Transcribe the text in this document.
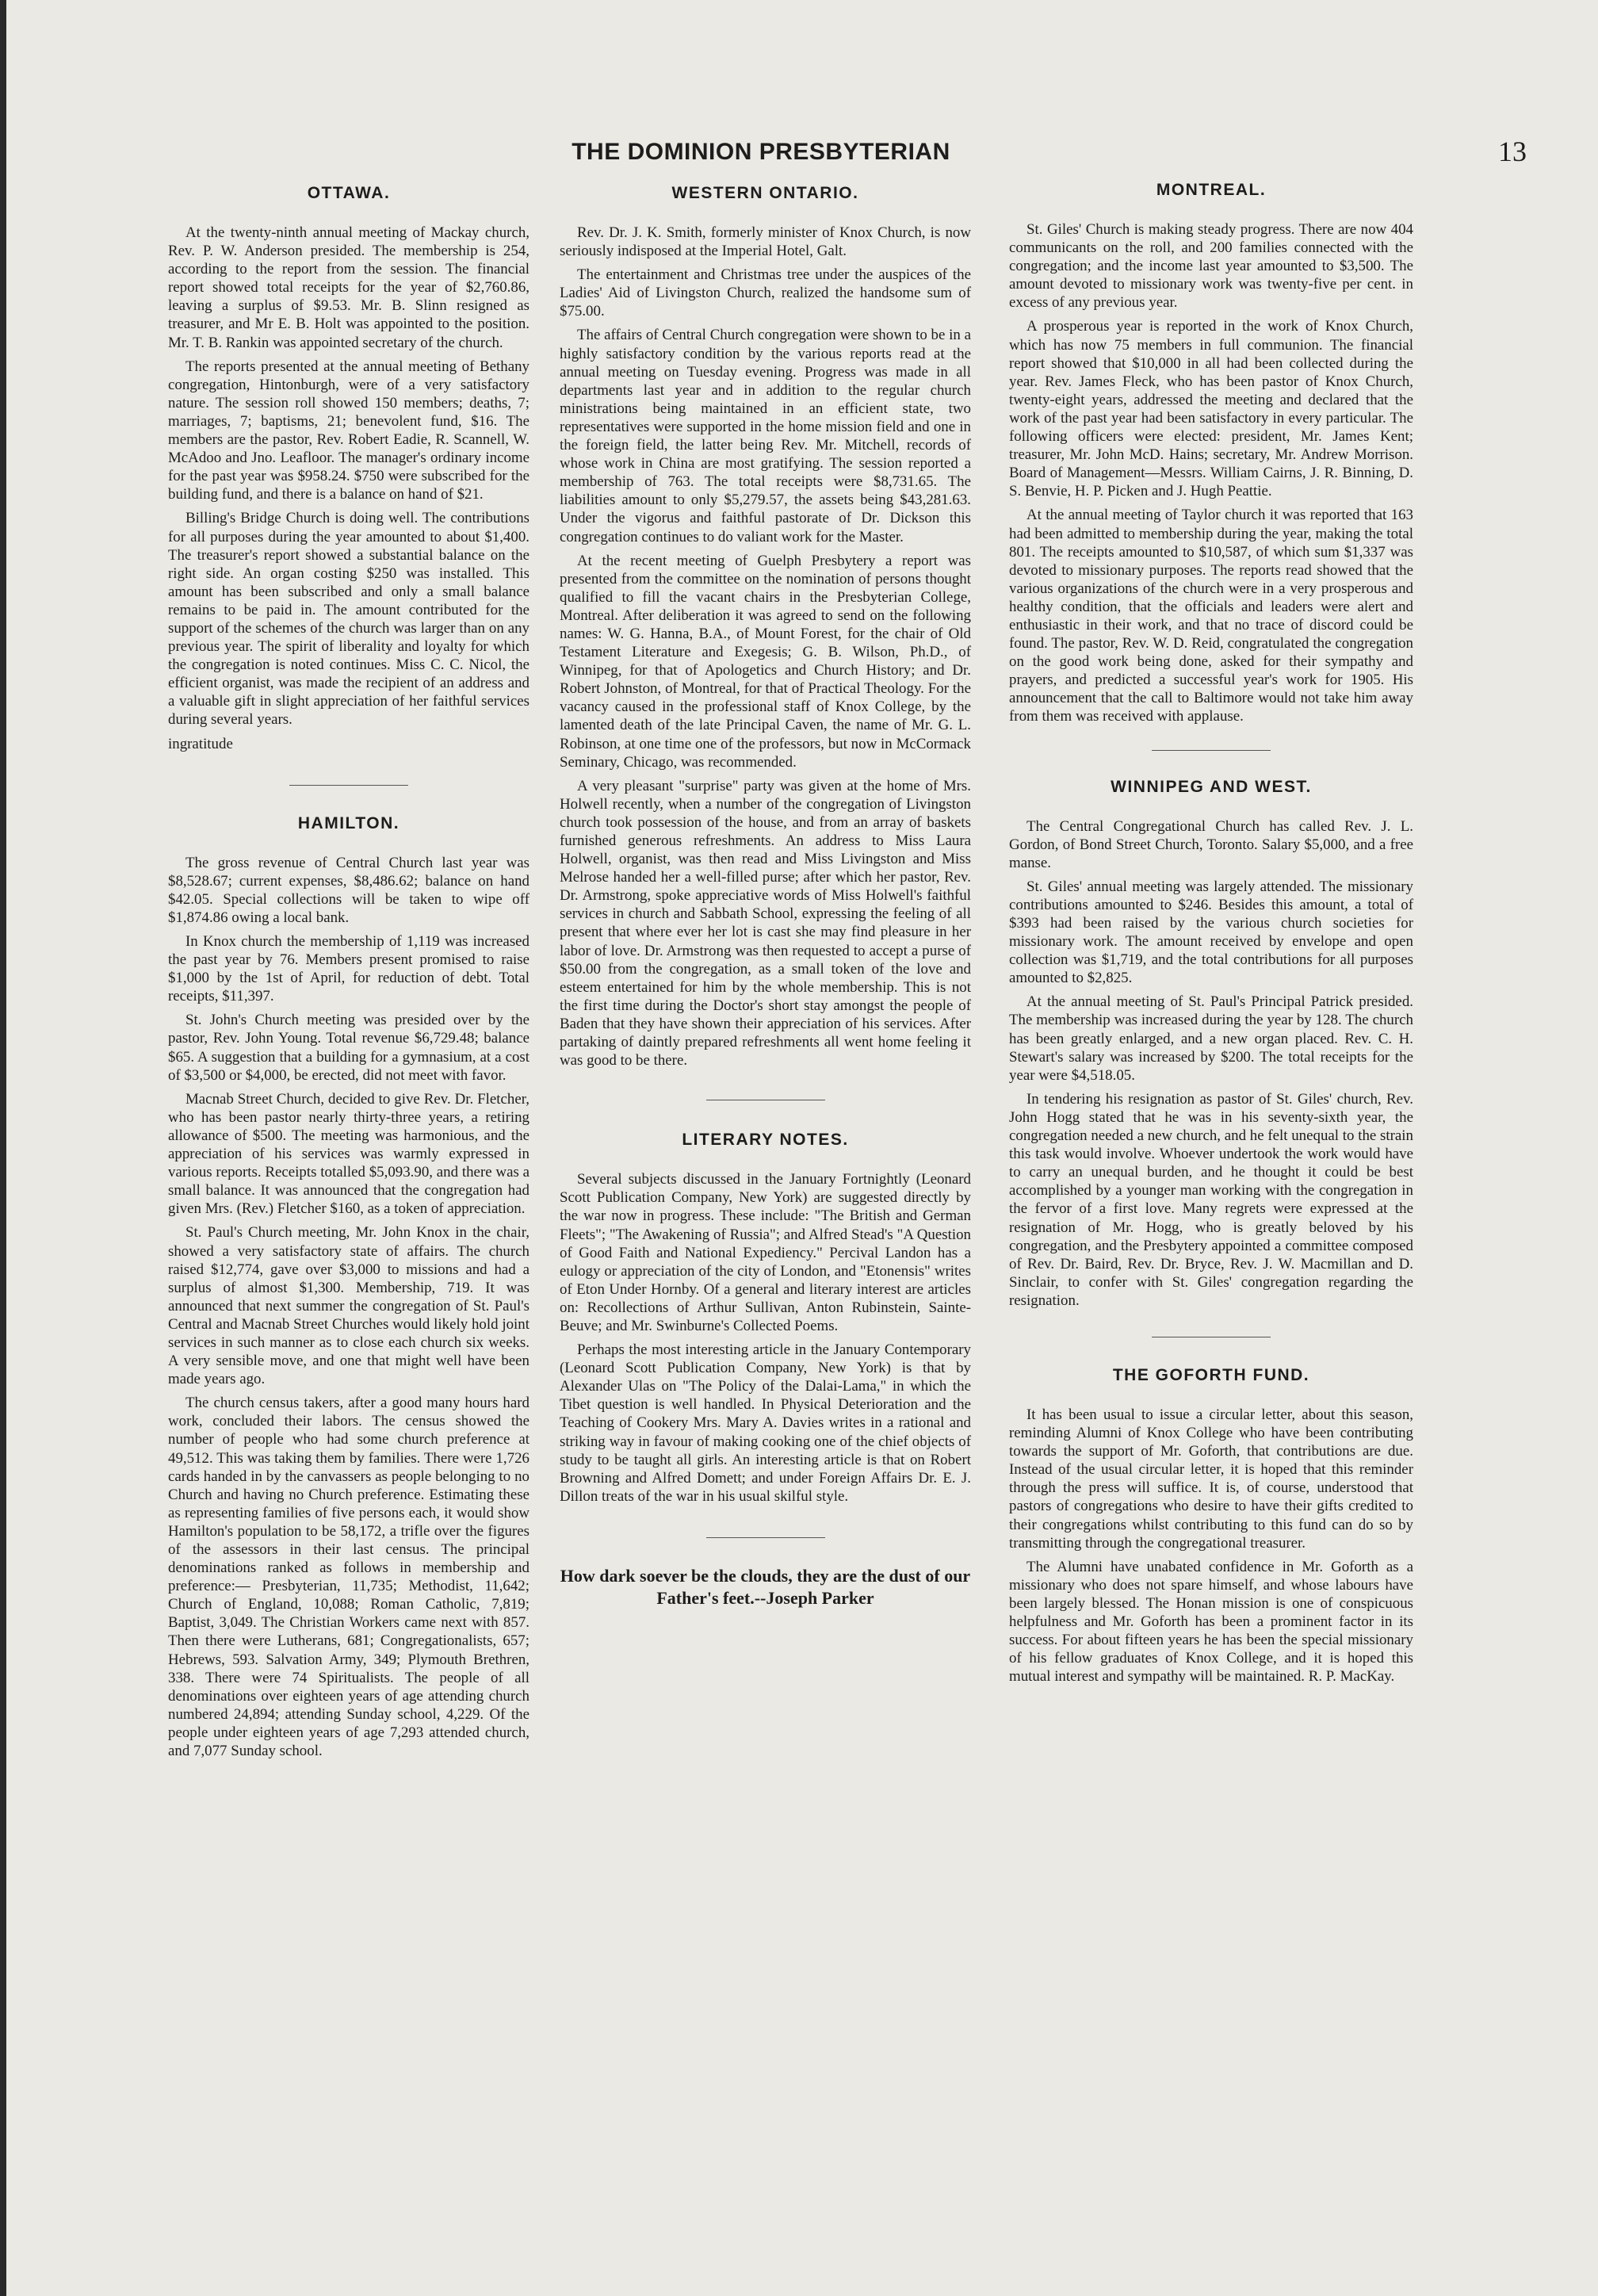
THE DOMINION PRESBYTERIAN	13
OTTAWA.

At the twenty-ninth annual meeting of Mackay church, Rev. P. W. Anderson presided. The membership is 254, according to the report from the session. The financial report showed total receipts for the year of $2,760.86, leaving a surplus of $9.53. Mr. B. Slinn resigned as treasurer, and Mr E. B. Holt was appointed to the position. Mr. T. B. Rankin was appointed secretary of the church.

The reports presented at the annual meeting of Bethany congregation, Hintonburgh, were of a very satisfactory nature. The session roll showed 150 members; deaths, 7; marriages, 7; baptisms, 21; benevolent fund, $16. The members are the pastor, Rev. Robert Eadie, R. Scannell, W. McAdoo and Jno. Leafloor. The manager's ordinary income for the past year was $958.24. $750 were subscribed for the building fund, and there is a balance on hand of $21.

Billing's Bridge Church is doing well. The contributions for all purposes during the year amounted to about $1,400. The treasurer's report showed a substantial balance on the right side. An organ costing $250 was installed. This amount has been subscribed and only a small balance remains to be paid in. The amount contributed for the support of the schemes of the church was larger than on any previous year. The spirit of liberality and loyalty for which the congregation is noted continues. Miss C. C. Nicol, the efficient organist, was made the recipient of an address and a valuable gift in slight appreciation of her faithful services during several years.

ingratitude

HAMILTON.

The gross revenue of Central Church last year was $8,528.67; current expenses, $8,486.62; balance on hand $42.05. Special collections will be taken to wipe off $1,874.86 owing a local bank.

In Knox church the membership of 1,119 was increased the past year by 76. Members present promised to raise $1,000 by the 1st of April, for reduction of debt. Total receipts, $11,397.

St. John's Church meeting was presided over by the pastor, Rev. John Young. Total revenue $6,729.48; balance $65. A suggestion that a building for a gymnasium, at a cost of $3,500 or $4,000, be erected, did not meet with favor.

Macnab Street Church, decided to give Rev. Dr. Fletcher, who has been pastor nearly thirty-three years, a retiring allowance of $500. The meeting was harmonious, and the appreciation of his services was warmly expressed in various reports. Receipts totalled $5,093.90, and there was a small balance. It was announced that the congregation had given Mrs. (Rev.) Fletcher $160, as a token of appreciation.

St. Paul's Church meeting, Mr. John Knox in the chair, showed a very satisfactory state of affairs. The church raised $12,774, gave over $3,000 to missions and had a surplus of almost $1,300. Membership, 719. It was announced that next summer the congregation of St. Paul's Central and Macnab Street Churches would likely hold joint services in such manner as to close each church six weeks. A very sensible move, and one that might well have been made years ago.

The church census takers, after a good many hours hard work, concluded their labors. The census showed the number of people who had some church preference at 49,512. This was taking them by families. There were 1,726 cards handed in by the canvassers as people belonging to no Church and having no Church preference. Estimating these as representing families of five persons each, it would show Hamilton's population to be 58,172, a trifle over the figures of the assessors in their last census. The principal denominations ranked as follows in membership and preference:— Presbyterian, 11,735; Methodist, 11,642; Church of England, 10,088; Roman Catholic, 7,819; Baptist, 3,049. The Christian Workers came next with 857. Then there were Lutherans, 681; Congregationalists, 657; Hebrews, 593. Salvation Army, 349; Plymouth Brethren, 338. There were 74 Spiritualists. The people of all denominations over eighteen years of age attending church numbered 24,894; attending Sunday school, 4,229. Of the people under eighteen years of age 7,293 attended church, and 7,077 Sunday school.

WESTERN ONTARIO.

Rev. Dr. J. K. Smith, formerly minister of Knox Church, is now seriously indisposed at the Imperial Hotel, Galt.

The entertainment and Christmas tree under the auspices of the Ladies' Aid of Livingston Church, realized the handsome sum of $75.00.

The affairs of Central Church congregation were shown to be in a highly satisfactory condition by the various reports read at the annual meeting on Tuesday evening. Progress was made in all departments last year and in addition to the regular church ministrations being maintained in an efficient state, two representatives were supported in the home mission field and one in the foreign field, the latter being Rev. Mr. Mitchell, records of whose work in China are most gratifying. The session reported a membership of 763. The total receipts were $8,731.65. The liabilities amount to only $5,279.57, the assets being $43,281.63. Under the vigorus and faithful pastorate of Dr. Dickson this congregation continues to do valiant work for the Master.

At the recent meeting of Guelph Presbytery a report was presented from the committee on the nomination of persons thought qualified to fill the vacant chairs in the Presbyterian College, Montreal. After deliberation it was agreed to send on the following names: W. G. Hanna, B.A., of Mount Forest, for the chair of Old Testament Literature and Exegesis; G. B. Wilson, Ph.D., of Winnipeg, for that of Apologetics and Church History; and Dr. Robert Johnston, of Montreal, for that of Practical Theology. For the vacancy caused in the professional staff of Knox College, by the lamented death of the late Principal Caven, the name of Mr. G. L. Robinson, at one time one of the professors, but now in McCormack Seminary, Chicago, was recommended.

A very pleasant "surprise" party was given at the home of Mrs. Holwell recently, when a number of the congregation of Livingston church took possession of the house, and from an array of baskets furnished generous refreshments. An address to Miss Laura Holwell, organist, was then read and Miss Livingston and Miss Melrose handed her a well-filled purse; after which her pastor, Rev. Dr. Armstrong, spoke appreciative words of Miss Holwell's faithful services in church and Sabbath School, expressing the feeling of all present that where ever her lot is cast she may find pleasure in her labor of love. Dr. Armstrong was then requested to accept a purse of $50.00 from the congregation, as a small token of the love and esteem entertained for him by the whole membership. This is not the first time during the Doctor's short stay amongst the people of Baden that they have shown their appreciation of his services. After partaking of daintly prepared refreshments all went home feeling it was good to be there.

LITERARY NOTES.

Several subjects discussed in the January Fortnightly (Leonard Scott Publication Company, New York) are suggested directly by the war now in progress. These include: "The British and German Fleets"; "The Awakening of Russia"; and Alfred Stead's "A Question of Good Faith and National Expediency." Percival Landon has a eulogy or appreciation of the city of London, and "Etonensis" writes of Eton Under Hornby. Of a general and literary interest are articles on: Recollections of Arthur Sullivan, Anton Rubinstein, Sainte-Beuve; and Mr. Swinburne's Collected Poems.

Perhaps the most interesting article in the January Contemporary (Leonard Scott Publication Company, New York) is that by Alexander Ulas on "The Policy of the Dalai-Lama," in which the Tibet question is well handled. In Physical Deterioration and the Teaching of Cookery Mrs. Mary A. Davies writes in a rational and striking way in favour of making cooking one of the chief objects of study to be taught all girls. An interesting article is that on Robert Browning and Alfred Domett; and under Foreign Affairs Dr. E. J. Dillon treats of the war in his usual skilful style.

How dark soever be the clouds, they are the dust of our Father's feet.--Joseph Parker
MONTREAL.

St. Giles' Church is making steady progress. There are now 404 communicants on the roll, and 200 families connected with the congregation; and the income last year amounted to $3,500. The amount devoted to missionary work was twenty-five per cent. in excess of any previous year.

A prosperous year is reported in the work of Knox Church, which has now 75 members in full communion. The financial report showed that $10,000 in all had been collected during the year. Rev. James Fleck, who has been pastor of Knox Church, twenty-eight years, addressed the meeting and declared that the work of the past year had been satisfactory in every particular. The following officers were elected: president, Mr. James Kent; treasurer, Mr. John McD. Hains; secretary, Mr. Andrew Morrison. Board of Management—Messrs. William Cairns, J. R. Binning, D. S. Benvie, H. P. Picken and J. Hugh Peattie.

At the annual meeting of Taylor church it was reported that 163 had been admitted to membership during the year, making the total 801. The receipts amounted to $10,587, of which sum $1,337 was devoted to missionary purposes. The reports read showed that the various organizations of the church were in a very prosperous and healthy condition, that the officials and leaders were alert and enthusiastic in their work, and that no trace of discord could be found. The pastor, Rev. W. D. Reid, congratulated the congregation on the good work being done, asked for their sympathy and prayers, and predicted a successful year's work for 1905. His announcement that the call to Baltimore would not take him away from them was received with applause.

WINNIPEG AND WEST.

The Central Congregational Church has called Rev. J. L. Gordon, of Bond Street Church, Toronto. Salary $5,000, and a free manse.

St. Giles' annual meeting was largely attended. The missionary contributions amounted to $246. Besides this amount, a total of $393 had been raised by the various church societies for missionary work. The amount received by envelope and open collection was $1,719, and the total contributions for all purposes amounted to $2,825.

At the annual meeting of St. Paul's Principal Patrick presided. The membership was increased during the year by 128. The church has been greatly enlarged, and a new organ placed. Rev. C. H. Stewart's salary was increased by $200. The total receipts for the year were $4,518.05.

In tendering his resignation as pastor of St. Giles' church, Rev. John Hogg stated that he was in his seventy-sixth year, the congregation needed a new church, and he felt unequal to the strain this task would involve. Whoever undertook the work would have to carry an unequal burden, and he thought it could be best accomplished by a younger man working with the congregation in the fervor of a first love. Many regrets were expressed at the resignation of Mr. Hogg, who is greatly beloved by his congregation, and the Presbytery appointed a committee composed of Rev. Dr. Baird, Rev. Dr. Bryce, Rev. J. W. Macmillan and D. Sinclair, to confer with St. Giles' congregation regarding the resignation.

THE GOFORTH FUND.

It has been usual to issue a circular letter, about this season, reminding Alumni of Knox College who have been contributing towards the support of Mr. Goforth, that contributions are due. Instead of the usual circular letter, it is hoped that this reminder through the press will suffice. It is, of course, understood that pastors of congregations who desire to have their gifts credited to their congregations whilst contributing to this fund can do so by transmitting through the congregational treasurer.

The Alumni have unabated confidence in Mr. Goforth as a missionary who does not spare himself, and whose labours have been largely blessed. The Honan mission is one of conspicuous helpfulness and Mr. Goforth has been a prominent factor in its success. For about fifteen years he has been the special missionary of his fellow graduates of Knox College, and it is hoped this mutual interest and sympathy will be maintained. R. P. MacKay.
